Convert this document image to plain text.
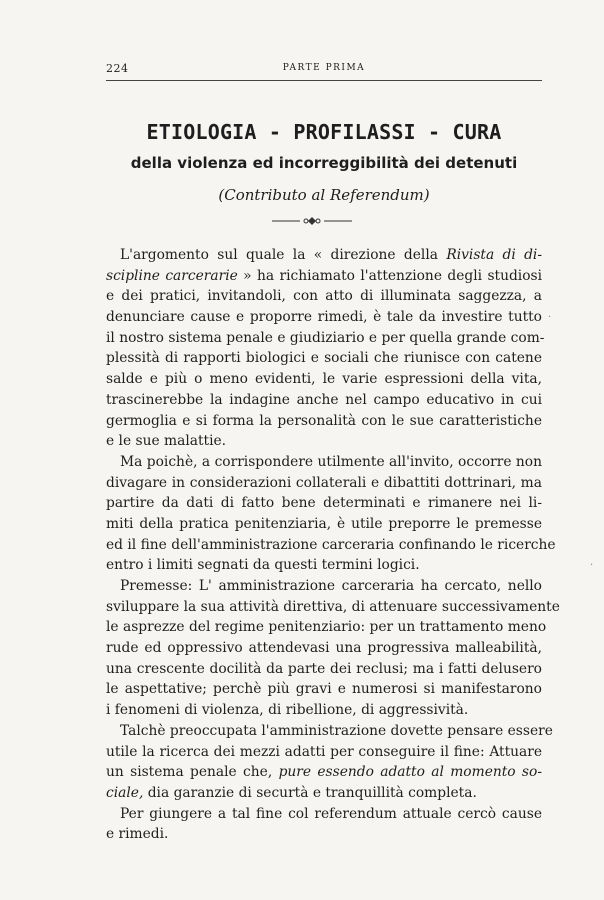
224	PARTE PRIMA
ETIOLOGIA - PROFILASSI - CURA
della violenza ed incorreggibilità dei detenuti
(Contributo al Referendum)
L'argomento sul quale la « direzione della Rivista di di-
scipline carcerarie » ha richiamato l'attenzione degli studiosi
e dei pratici, invitandoli, con atto di illuminata saggezza, a
denunciare cause e proporre rimedi, è tale da investire tutto
il nostro sistema penale e giudiziario e per quella grande com-
plessità di rapporti biologici e sociali che riunisce con catene
salde e più o meno evidenti, le varie espressioni della vita,
trascinerebbe la indagine anche nel campo educativo in cui
germoglia e si forma la personalità con le sue caratteristiche
e le sue malattie.
Ma poichè, a corrispondere utilmente all'invito, occorre non
divagare in considerazioni collaterali e dibattiti dottrinari, ma
partire da dati di fatto bene determinati e rimanere nei li-
miti della pratica penitenziaria, è utile preporre le premesse
ed il fine dell'amministrazione carceraria confinando le ricerche
entro i limiti segnati da questi termini logici.
Premesse: L' amministrazione carceraria ha cercato, nello
sviluppare la sua attività direttiva, di attenuare successivamente
le asprezze del regime penitenziario: per un trattamento meno
rude ed oppressivo attendevasi una progressiva malleabilità,
una crescente docilità da parte dei reclusi; ma i fatti delusero
le aspettative; perchè più gravi e numerosi si manifestarono
i fenomeni di violenza, di ribellione, di aggressività.
Talchè preoccupata l'amministrazione dovette pensare essere
utile la ricerca dei mezzi adatti per conseguire il fine: Attuare
un sistema penale che, pure essendo adatto al momento so-
ciale, dia garanzie di securtà e tranquillità completa.
Per giungere a tal fine col referendum attuale cercò cause
e rimedi.
·
·
